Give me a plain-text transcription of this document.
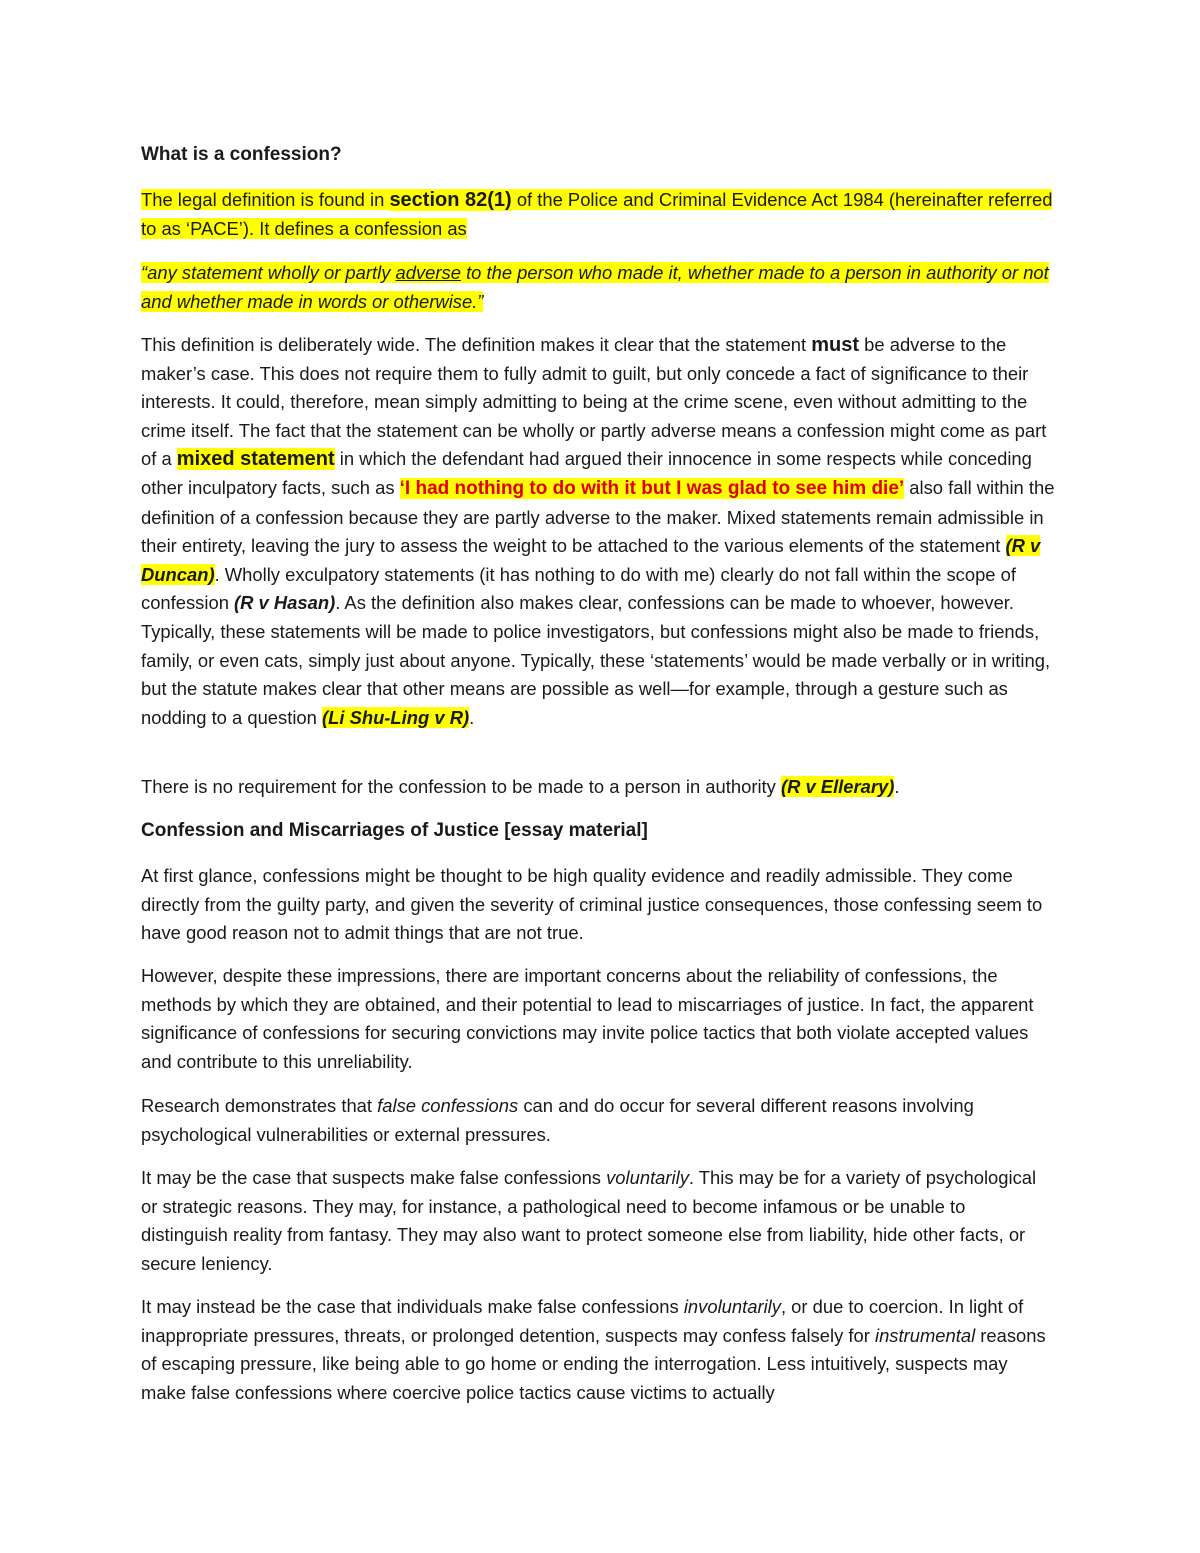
What is a confession?
The legal definition is found in section 82(1) of the Police and Criminal Evidence Act 1984 (hereinafter referred to as ‘PACE’). It defines a confession as
“any statement wholly or partly adverse to the person who made it, whether made to a person in authority or not and whether made in words or otherwise.”
This definition is deliberately wide. The definition makes it clear that the statement must be adverse to the maker’s case. This does not require them to fully admit to guilt, but only concede a fact of significance to their interests. It could, therefore, mean simply admitting to being at the crime scene, even without admitting to the crime itself. The fact that the statement can be wholly or partly adverse means a confession might come as part of a mixed statement in which the defendant had argued their innocence in some respects while conceding other inculpatory facts, such as ‘I had nothing to do with it but I was glad to see him die’ also fall within the definition of a confession because they are partly adverse to the maker. Mixed statements remain admissible in their entirety, leaving the jury to assess the weight to be attached to the various elements of the statement (R v Duncan). Wholly exculpatory statements (it has nothing to do with me) clearly do not fall within the scope of confession (R v Hasan). As the definition also makes clear, confessions can be made to whoever, however. Typically, these statements will be made to police investigators, but confessions might also be made to friends, family, or even cats, simply just about anyone. Typically, these ‘statements’ would be made verbally or in writing, but the statute makes clear that other means are possible as well—for example, through a gesture such as nodding to a question (Li Shu-Ling v R).
There is no requirement for the confession to be made to a person in authority (R v Ellerary).
Confession and Miscarriages of Justice [essay material]
At first glance, confessions might be thought to be high quality evidence and readily admissible. They come directly from the guilty party, and given the severity of criminal justice consequences, those confessing seem to have good reason not to admit things that are not true.
However, despite these impressions, there are important concerns about the reliability of confessions, the methods by which they are obtained, and their potential to lead to miscarriages of justice. In fact, the apparent significance of confessions for securing convictions may invite police tactics that both violate accepted values and contribute to this unreliability.
Research demonstrates that false confessions can and do occur for several different reasons involving psychological vulnerabilities or external pressures.
It may be the case that suspects make false confessions voluntarily. This may be for a variety of psychological or strategic reasons. They may, for instance, a pathological need to become infamous or be unable to distinguish reality from fantasy. They may also want to protect someone else from liability, hide other facts, or secure leniency.
It may instead be the case that individuals make false confessions involuntarily, or due to coercion. In light of inappropriate pressures, threats, or prolonged detention, suspects may confess falsely for instrumental reasons of escaping pressure, like being able to go home or ending the interrogation. Less intuitively, suspects may make false confessions where coercive police tactics cause victims to actually
